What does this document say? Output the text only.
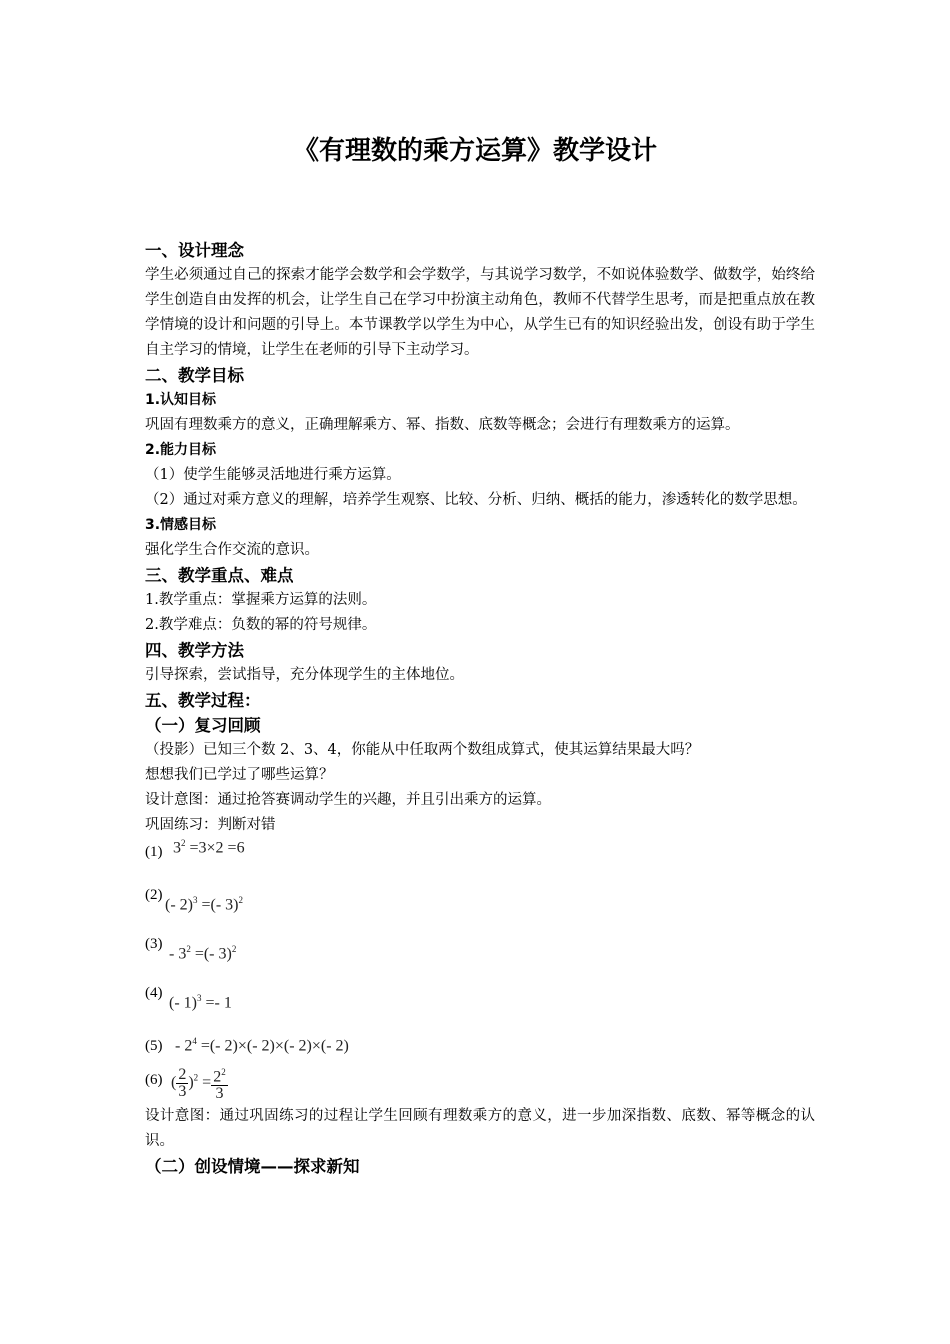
《有理数的乘方运算》教学设计
一、设计理念
学生必须通过自己的探索才能学会数学和会学数学，与其说学习数学，不如说体验数学、做数学，始终给学生创造自由发挥的机会，让学生自己在学习中扮演主动角色，教师不代替学生思考，而是把重点放在教学情境的设计和问题的引导上。本节课教学以学生为中心，从学生已有的知识经验出发，创设有助于学生自主学习的情境，让学生在老师的引导下主动学习。
二、教学目标
1.认知目标
巩固有理数乘方的意义，正确理解乘方、幂、指数、底数等概念；会进行有理数乘方的运算。
2.能力目标
（1）使学生能够灵活地进行乘方运算。
（2）通过对乘方意义的理解，培养学生观察、比较、分析、归纳、概括的能力，渗透转化的数学思想。
3.情感目标
强化学生合作交流的意识。
三、教学重点、难点
1.教学重点：掌握乘方运算的法则。
2.教学难点：负数的幂的符号规律。
四、教学方法
引导探索，尝试指导，充分体现学生的主体地位。
五、教学过程：
（一）复习回顾
（投影）已知三个数 2、3、4，你能从中任取两个数组成算式，使其运算结果最大吗？
想想我们已学过了哪些运算？
设计意图：通过抢答赛调动学生的兴趣，并且引出乘方的运算。
巩固练习：判断对错
(1) $3^2 =3\times 2 =6$
(2)
(- 2)$^3$ =(- 3)$^2$
(3)
- $3^2$ =(- 3)$^2$
(4)
(- 1)$^3$ =- 1
$(5) - 2^4$ =(- 2)×(- 2)×(- 2)×(- 2)
(6) ( $\frac{2}{3} )^2 = \frac{2^2}{3}$
设计意图：通过巩固练习的过程让学生回顾有理数乘方的意义，进一步加深指数、底数、幂等概念的认识。
（二）创设情境——探求新知
